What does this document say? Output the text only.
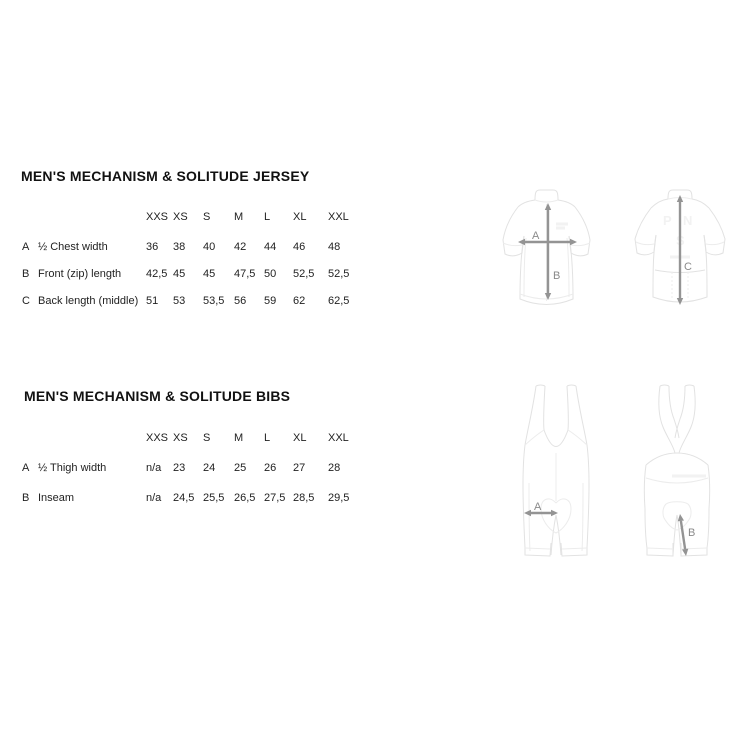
MEN'S MECHANISM & SOLITUDE JERSEY
XXS XS	S	M	L	XL	XXL
A ½ Chest width	36	38	40	42	44	46	48
B Front (zip) length	42,5 45	45	47,5 50	52,5	52,5
C Back length (middle) 51	53	53,5 56	59	62	62,5
A
B
P N
S
C
MEN'S MECHANISM & SOLITUDE BIBS
XXS XS	S	M	L	XL	XXL
A ½ Thigh width	n/a	23	24	25	26	27	28
B Inseam	n/a	24,5 25,5 26,5 27,5 28,5	29,5
A
B
